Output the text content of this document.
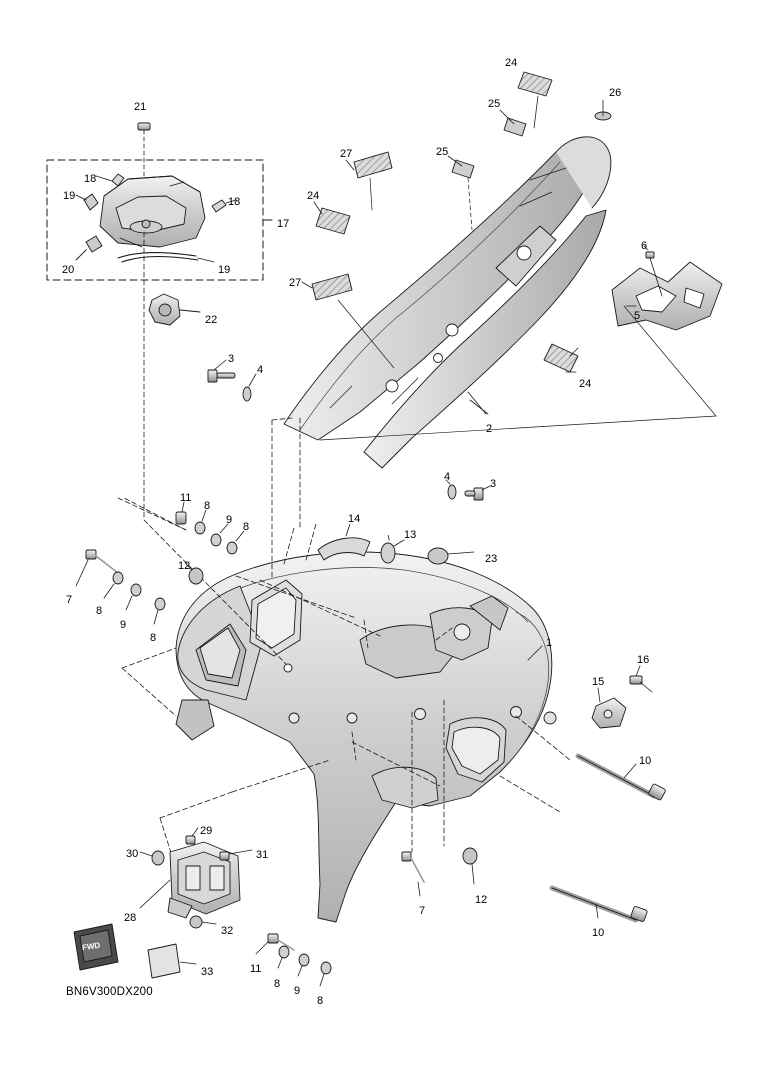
FWD
21
24
26
25
18
27	25
19	18
17
24
6
20	19
27
5
22
3
4
24
2
4
3
11
8
9
8
14
13
23
12
7
8
9
8	1
16
15
10
29
30	31
7
12
28
32	10
11
33
8
9
8
BN6V300DX200
